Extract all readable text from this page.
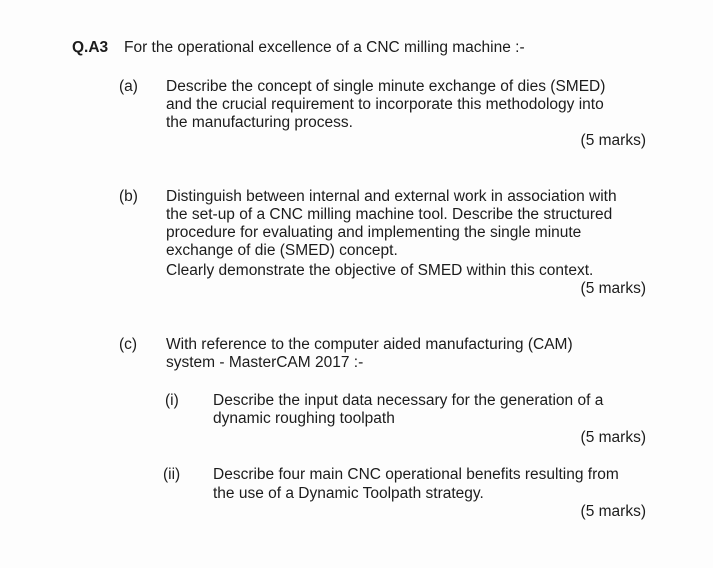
Q.A3 For the operational excellence of a CNC milling machine :-
(a) Describe the concept of single minute exchange of dies (SMED)
and the crucial requirement to incorporate this methodology into
the manufacturing process.
(5 marks)
(b) Distinguish between internal and external work in association with
the set-up of a CNC milling machine tool. Describe the structured
procedure for evaluating and implementing the single minute
exchange of die (SMED) concept.
Clearly demonstrate the objective of SMED within this context.
(5 marks)
(c) With reference to the computer aided manufacturing (CAM)
system - MasterCAM 2017 :-
(i) Describe the input data necessary for the generation of a
dynamic roughing toolpath
(5 marks)
(ii) Describe four main CNC operational benefits resulting from
the use of a Dynamic Toolpath strategy.
(5 marks)
